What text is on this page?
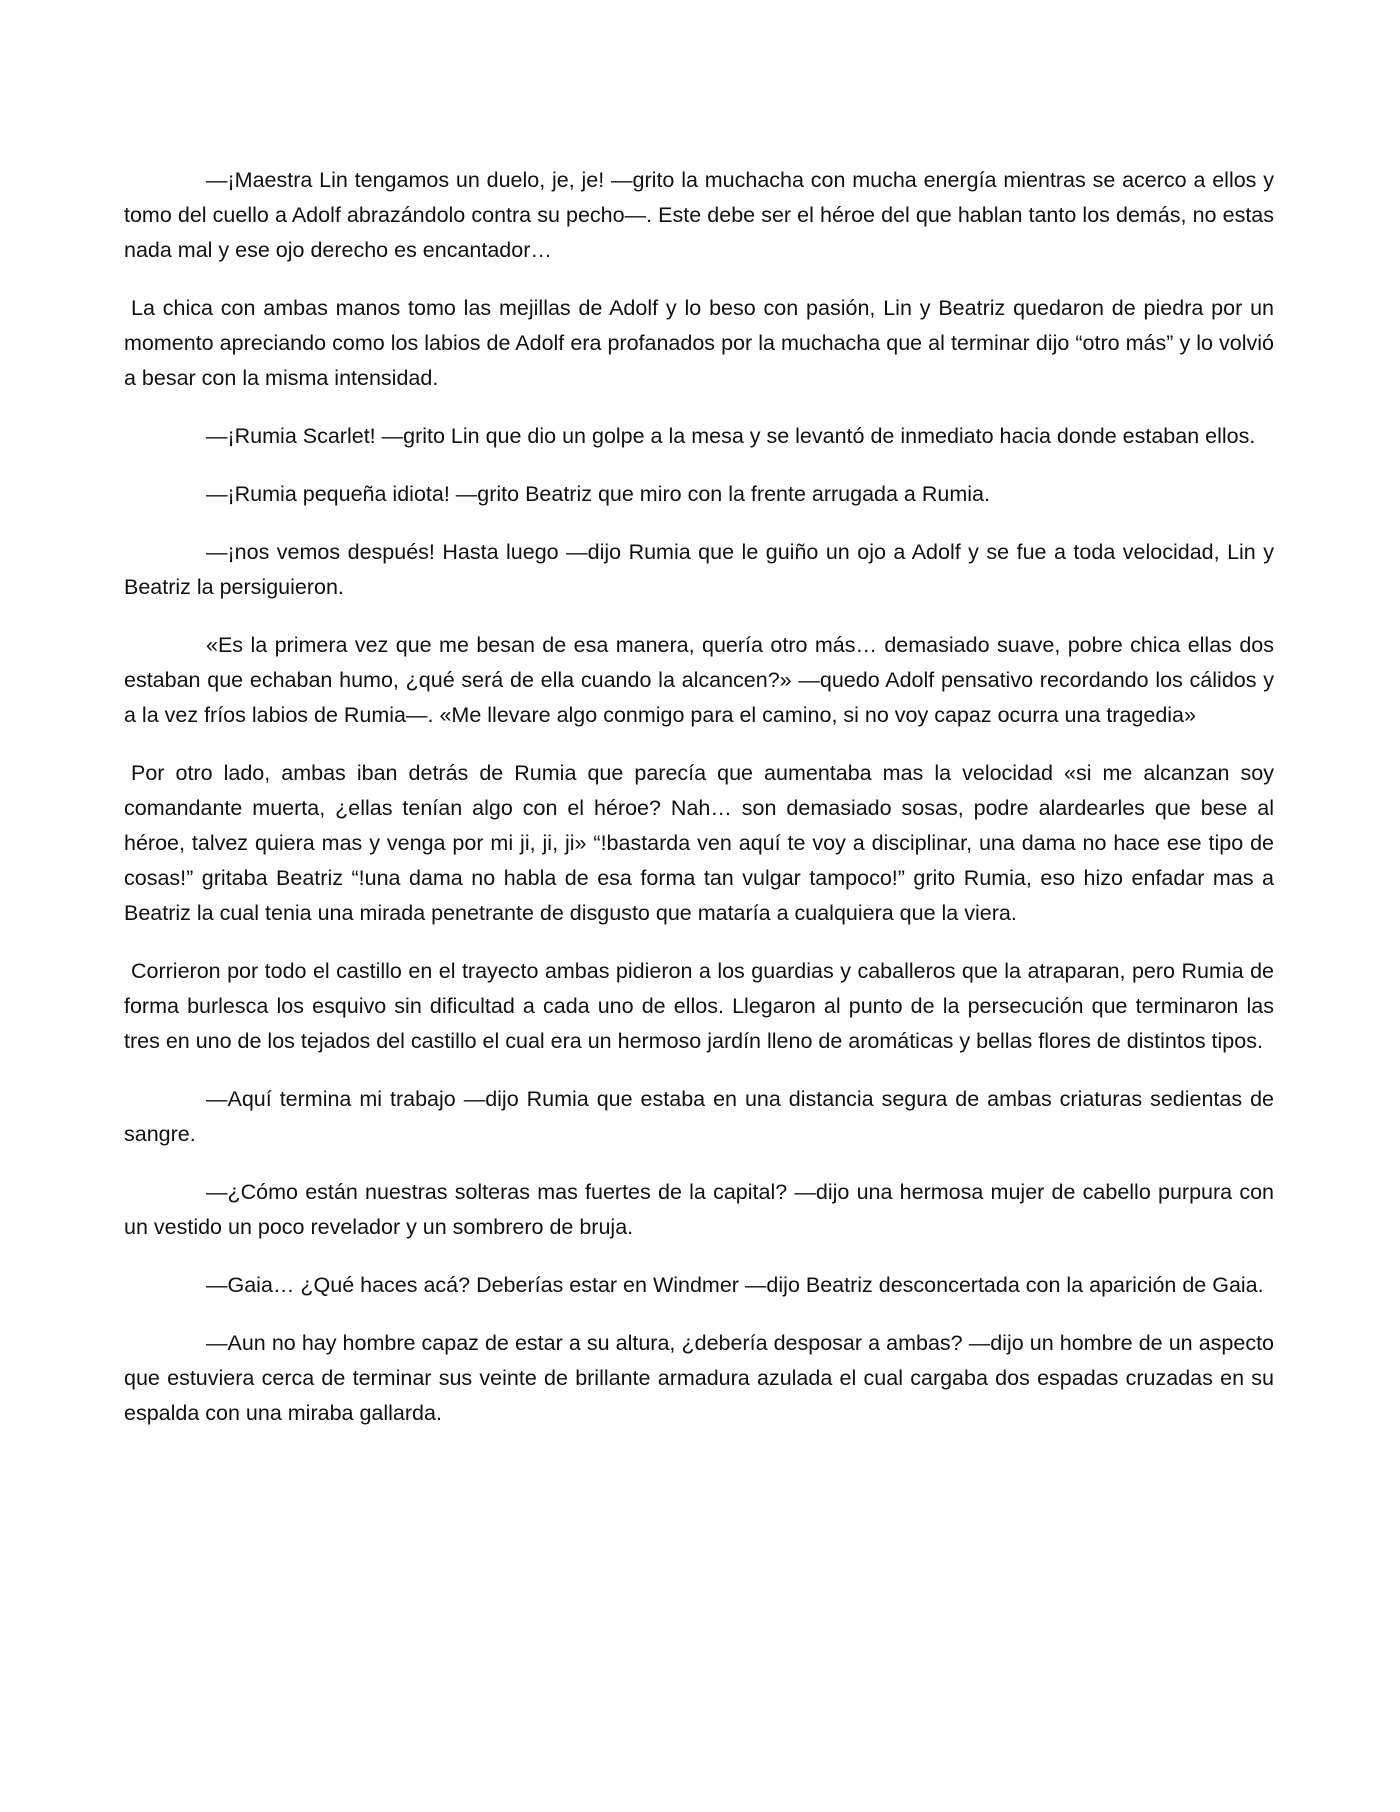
—¡Maestra Lin tengamos un duelo, je, je! —grito la muchacha con mucha energía mientras se acerco a ellos y tomo del cuello a Adolf abrazándolo contra su pecho—. Este debe ser el héroe del que hablan tanto los demás, no estas nada mal y ese ojo derecho es encantador…

La chica con ambas manos tomo las mejillas de Adolf y lo beso con pasión, Lin y Beatriz quedaron de piedra por un momento apreciando como los labios de Adolf era profanados por la muchacha que al terminar dijo “otro más” y lo volvió a besar con la misma intensidad.

—¡Rumia Scarlet! —grito Lin que dio un golpe a la mesa y se levantó de inmediato hacia donde estaban ellos.

—¡Rumia pequeña idiota! —grito Beatriz que miro con la frente arrugada a Rumia.

—¡nos vemos después! Hasta luego —dijo Rumia que le guiño un ojo a Adolf y se fue a toda velocidad, Lin y Beatriz la persiguieron.

«Es la primera vez que me besan de esa manera, quería otro más… demasiado suave, pobre chica ellas dos estaban que echaban humo, ¿qué será de ella cuando la alcancen?» —quedo Adolf pensativo recordando los cálidos y a la vez fríos labios de Rumia—. «Me llevare algo conmigo para el camino, si no voy capaz ocurra una tragedia»

Por otro lado, ambas iban detrás de Rumia que parecía que aumentaba mas la velocidad «si me alcanzan soy comandante muerta, ¿ellas tenían algo con el héroe? Nah… son demasiado sosas, podre alardearles que bese al héroe, talvez quiera mas y venga por mi ji, ji, ji» “!bastarda ven aquí te voy a disciplinar, una dama no hace ese tipo de cosas!” gritaba Beatriz “!una dama no habla de esa forma tan vulgar tampoco!” grito Rumia, eso hizo enfadar mas a Beatriz la cual tenia una mirada penetrante de disgusto que mataría a cualquiera que la viera.

Corrieron por todo el castillo en el trayecto ambas pidieron a los guardias y caballeros que la atraparan, pero Rumia de forma burlesca los esquivo sin dificultad a cada uno de ellos. Llegaron al punto de la persecución que terminaron las tres en uno de los tejados del castillo el cual era un hermoso jardín lleno de aromáticas y bellas flores de distintos tipos.

—Aquí termina mi trabajo —dijo Rumia que estaba en una distancia segura de ambas criaturas sedientas de sangre.

—¿Cómo están nuestras solteras mas fuertes de la capital? —dijo una hermosa mujer de cabello purpura con un vestido un poco revelador y un sombrero de bruja.

—Gaia… ¿Qué haces acá? Deberías estar en Windmer —dijo Beatriz desconcertada con la aparición de Gaia.

—Aun no hay hombre capaz de estar a su altura, ¿debería desposar a ambas? —dijo un hombre de un aspecto que estuviera cerca de terminar sus veinte de brillante armadura azulada el cual cargaba dos espadas cruzadas en su espalda con una miraba gallarda.
